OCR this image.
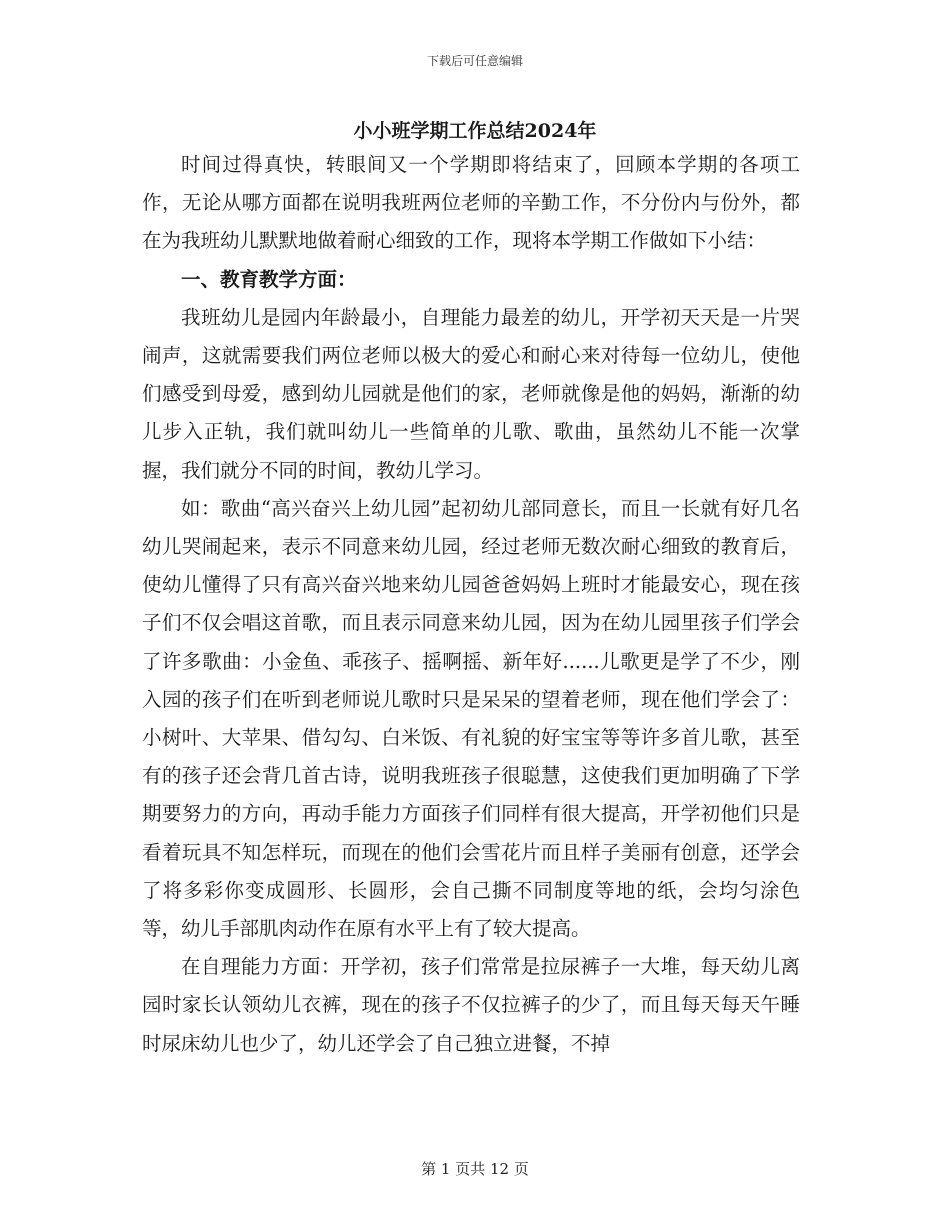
下载后可任意编辑
小小班学期工作总结2024年

时间过得真快，转眼间又一个学期即将结束了，回顾本学期的各项工作，无论从哪方面都在说明我班两位老师的辛勤工作，不分份内与份外，都在为我班幼儿默默地做着耐心细致的工作，现将本学期工作做如下小结：

一、教育教学方面：

我班幼儿是园内年龄最小，自理能力最差的幼儿，开学初天天是一片哭闹声，这就需要我们两位老师以极大的爱心和耐心来对待每一位幼儿，使他们感受到母爱，感到幼儿园就是他们的家，老师就像是他的妈妈，渐渐的幼儿步入正轨，我们就叫幼儿一些简单的儿歌、歌曲，虽然幼儿不能一次掌握，我们就分不同的时间，教幼儿学习。

如：歌曲“高兴奋兴上幼儿园”起初幼儿部同意长，而且一长就有好几名幼儿哭闹起来，表示不同意来幼儿园，经过老师无数次耐心细致的教育后，使幼儿懂得了只有高兴奋兴地来幼儿园爸爸妈妈上班时才能最安心，现在孩子们不仅会唱这首歌，而且表示同意来幼儿园，因为在幼儿园里孩子们学会了许多歌曲：小金鱼、乖孩子、摇啊摇、新年好......儿歌更是学了不少，刚入园的孩子们在听到老师说儿歌时只是呆呆的望着老师，现在他们学会了：小树叶、大苹果、借勾勾、白米饭、有礼貌的好宝宝等等许多首儿歌，甚至有的孩子还会背几首古诗，说明我班孩子很聪慧，这使我们更加明确了下学期要努力的方向，再动手能力方面孩子们同样有很大提高，开学初他们只是看着玩具不知怎样玩，而现在的他们会雪花片而且样子美丽有创意，还学会了将多彩你变成圆形、长圆形，会自己撕不同制度等地的纸，会均匀涂色等，幼儿手部肌肉动作在原有水平上有了较大提高。

在自理能力方面：开学初，孩子们常常是拉尿裤子一大堆，每天幼儿离园时家长认领幼儿衣裤，现在的孩子不仅拉裤子的少了，而且每天每天午睡时尿床幼儿也少了，幼儿还学会了自己独立进餐，不掉

第 1 页共 12 页
